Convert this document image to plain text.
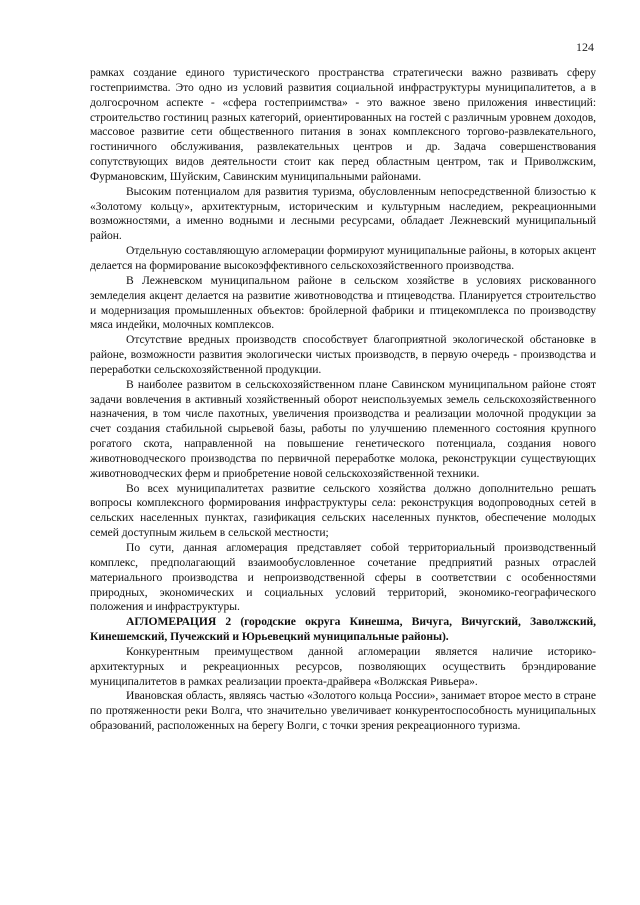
124

рамках создание единого туристического пространства стратегически важно развивать сферу гостеприимства. Это одно из условий развития социальной инфраструктуры муниципалитетов, а в долгосрочном аспекте - «сфера гостеприимства» - это важное звено приложения инвестиций: строительство гостиниц разных категорий, ориентированных на гостей с различным уровнем доходов, массовое развитие сети общественного питания в зонах комплексного торгово-развлекательного, гостиничного обслуживания, развлекательных центров и др. Задача совершенствования сопутствующих видов деятельности стоит как перед областным центром, так и Приволжским, Фурмановским, Шуйским, Савинским муниципальными районами.

Высоким потенциалом для развития туризма, обусловленным непосредственной близостью к «Золотому кольцу», архитектурным, историческим и культурным наследием, рекреационными возможностями, а именно водными и лесными ресурсами, обладает Лежневский муниципальный район.

Отдельную составляющую агломерации формируют муниципальные районы, в которых акцент делается на формирование высокоэффективного сельскохозяйственного производства.

В Лежневском муниципальном районе в сельском хозяйстве в условиях рискованного земледелия акцент делается на развитие животноводства и птицеводства. Планируется строительство и модернизация промышленных объектов: бройлерной фабрики и птицекомплекса по производству мяса индейки, молочных комплексов.

Отсутствие вредных производств способствует благоприятной экологической обстановке в районе, возможности развития экологически чистых производств, в первую очередь - производства и переработки сельскохозяйственной продукции.

В наиболее развитом в сельскохозяйственном плане Савинском муниципальном районе стоят задачи вовлечения в активный хозяйственный оборот неиспользуемых земель сельскохозяйственного назначения, в том числе пахотных, увеличения производства и реализации молочной продукции за счет создания стабильной сырьевой базы, работы по улучшению племенного состояния крупного рогатого скота, направленной на повышение генетического потенциала, создания нового животноводческого производства по первичной переработке молока, реконструкции существующих животноводческих ферм и приобретение новой сельскохозяйственной техники.

Во всех муниципалитетах развитие сельского хозяйства должно дополнительно решать вопросы комплексного формирования инфраструктуры села: реконструкция водопроводных сетей в сельских населенных пунктах, газификация сельских населенных пунктов, обеспечение молодых семей доступным жильем в сельской местности;

По сути, данная агломерация представляет собой территориальный производственный комплекс, предполагающий взаимообусловленное сочетание предприятий разных отраслей материального производства и непроизводственной сферы в соответствии с особенностями природных, экономических и социальных условий территорий, экономико-географического положения и инфраструктуры.

АГЛОМЕРАЦИЯ 2 (городские округа Кинешма, Вичуга, Вичугский, Заволжский, Кинешемский, Пучежский и Юрьевецкий муниципальные районы).

Конкурентным преимуществом данной агломерации является наличие историко-архитектурных и рекреационных ресурсов, позволяющих осуществить брэндирование муниципалитетов в рамках реализации проекта-драйвера «Волжская Ривьера».

Ивановская область, являясь частью «Золотого кольца России», занимает второе место в стране по протяженности реки Волга, что значительно увеличивает конкурентоспособность муниципальных образований, расположенных на берегу Волги, с точки зрения рекреационного туризма.
